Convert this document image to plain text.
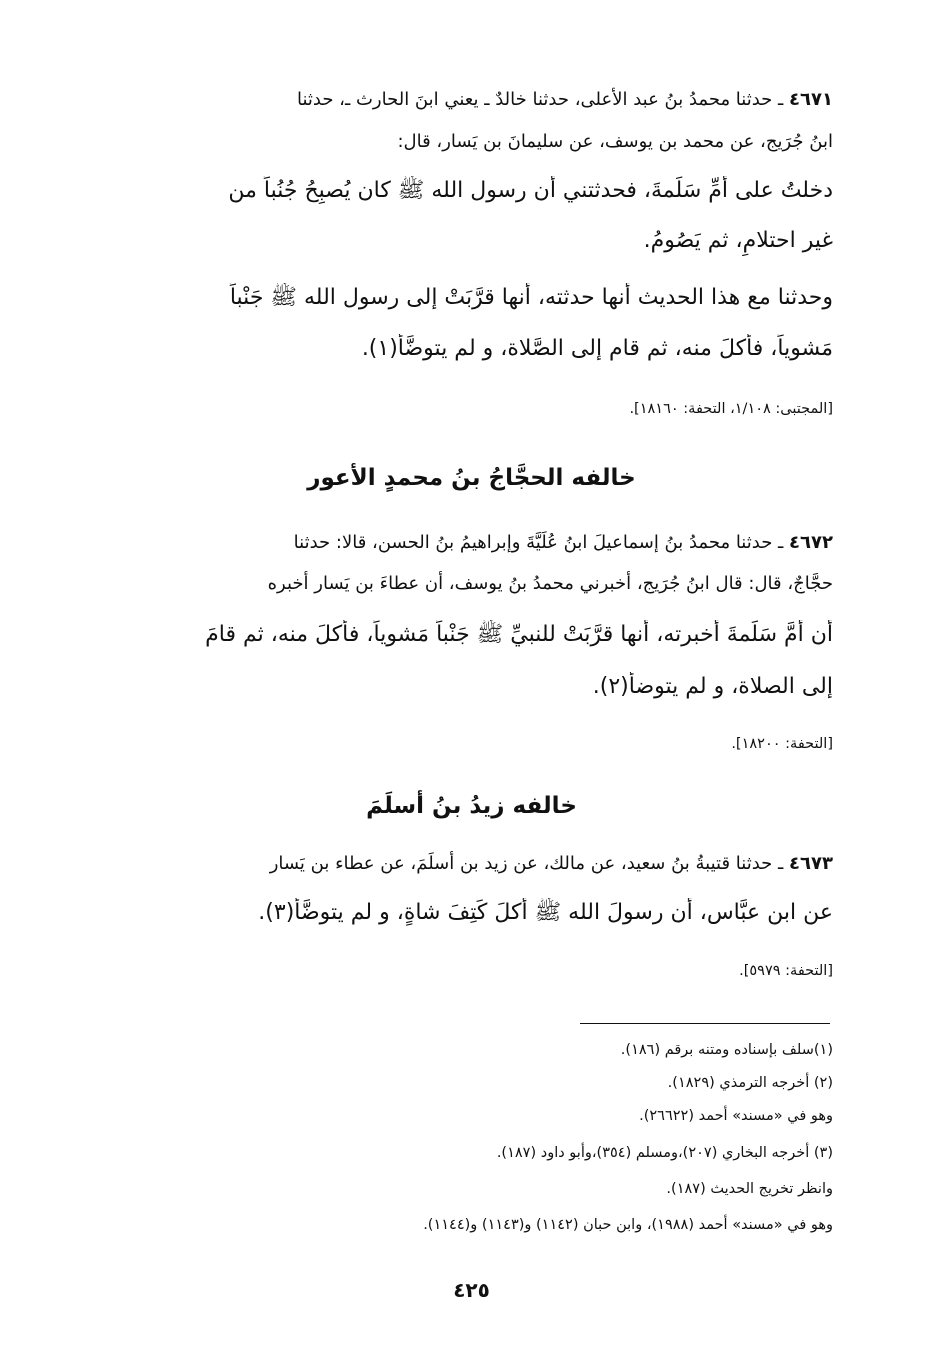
٤٦٧١ ـ حدثنا محمدُ بنُ عبد الأعلى، حدثنا خالدٌ ـ يعني ابنَ الحارث ـ، حدثنا
ابنُ جُرَيج، عن محمد بن يوسف، عن سليمانَ بن يَسار، قال:
دخلتُ على أُمِّ سَلَمةَ، فحدثتني أن رسول الله ﷺ كان يُصبِحُ جُنُباً من
غير احتلامٍ، ثم يَصُومُ.
وحدثنا مع هذا الحديث أنها حدثته، أنها قرَّبَتْ إلى رسول الله ﷺ جَنْباً
مَشوياً، فأكلَ منه، ثم قام إلى الصَّلاة، و لم يتوضَّأ(١).
[المجتبى: ١/١٠٨، التحفة: ١٨١٦٠].
خالفه الحجَّاجُ بنُ محمدٍ الأعور
٤٦٧٢ ـ حدثنا محمدُ بنُ إسماعيلَ ابنُ عُلَيَّةَ وإبراهيمُ بنُ الحسن، قالا: حدثنا
حجَّاجٌ، قال: قال ابنُ جُرَيج، أخبرني محمدُ بنُ يوسف، أن عطاءَ بن يَسار أخبره
أن أُمَّ سَلَمةَ أخبرته، أنها قرَّبَتْ للنبيِّ ﷺ جَنْباً مَشوياً، فأكلَ منه، ثم قامَ
إلى الصلاة، و لم يتوضأ(٢).
[التحفة: ١٨٢٠٠].
خالفه زيدُ بنُ أسلَمَ
٤٦٧٣ ـ حدثنا قتيبةُ بنُ سعيد، عن مالك، عن زيد بن أسلَمَ، عن عطاء بن يَسار
عن ابن عبَّاس، أن رسولَ الله ﷺ أكلَ كَتِفَ شاةٍ، و لم يتوضَّأ(٣).
[التحفة: ٥٩٧٩].
(١)سلف بإسناده ومتنه برقم (١٨٦).
(٢) أخرجه الترمذي (١٨٢٩).
وهو في «مسند» أحمد (٢٦٦٢٢).
(٣) أخرجه البخاري (٢٠٧)،ومسلم (٣٥٤)،وأبو داود (١٨٧).
وانظر تخريج الحديث (١٨٧).
وهو في «مسند» أحمد (١٩٨٨)، وابن حبان (١١٤٢) و(١١٤٣) و(١١٤٤).
٤٢٥
